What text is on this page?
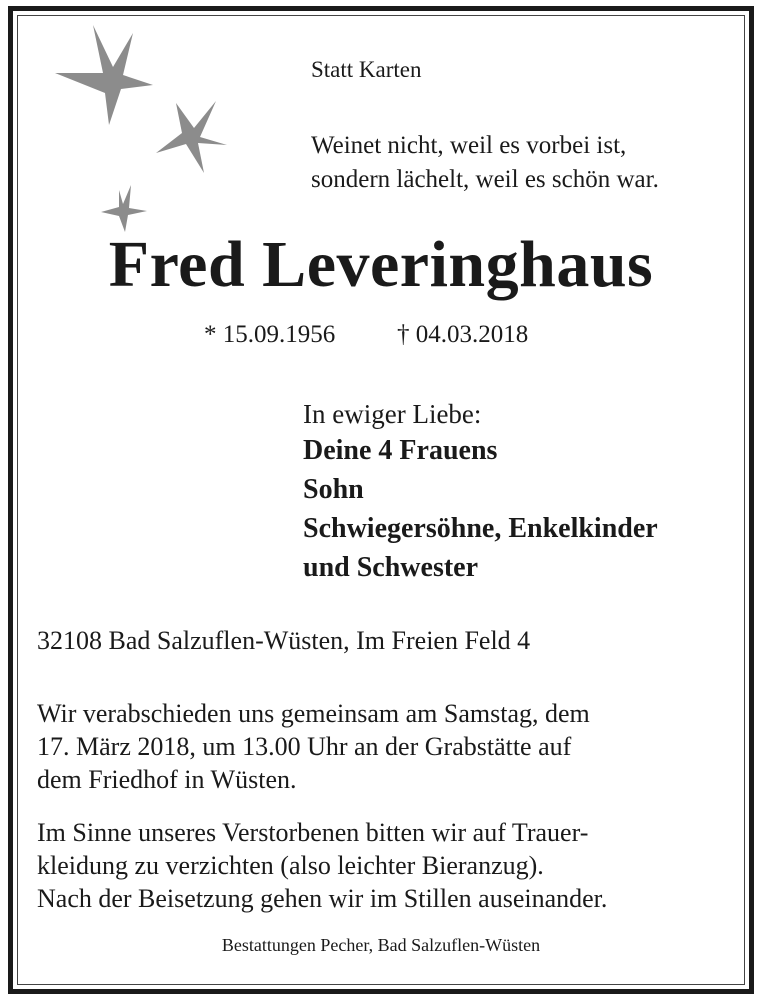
Statt Karten
Weinet nicht, weil es vorbei ist,
sondern lächelt, weil es schön war.
Fred Leveringhaus
* 15.09.1956 † 04.03.2018
In ewiger Liebe:
Deine 4 Frauens
Sohn
Schwiegersöhne, Enkelkinder
und Schwester
32108 Bad Salzuflen-Wüsten, Im Freien Feld 4
Wir verabschieden uns gemeinsam am Samstag, dem
17. März 2018, um 13.00 Uhr an der Grabstätte auf
dem Friedhof in Wüsten.
Im Sinne unseres Verstorbenen bitten wir auf Trauer-
kleidung zu verzichten (also leichter Bieranzug).
Nach der Beisetzung gehen wir im Stillen auseinander.
Bestattungen Pecher, Bad Salzuflen-Wüsten
